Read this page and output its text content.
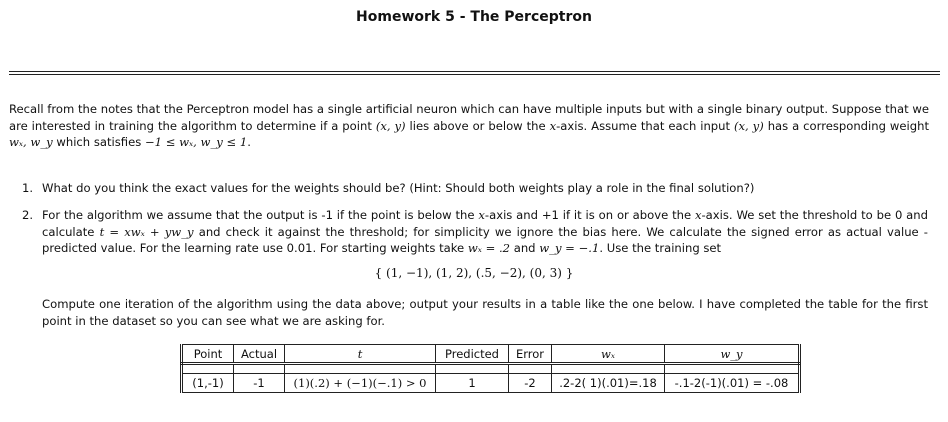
Homework 5 - The Perceptron
Recall from the notes that the Perceptron model has a single artificial neuron which can have multiple inputs but with a single binary output. Suppose that we are interested in training the algorithm to determine if a point (x, y) lies above or below the x-axis. Assume that each input (x, y) has a corresponding weight wₓ, w_y which satisfies −1 ≤ wₓ, w_y ≤ 1.
1. What do you think the exact values for the weights should be? (Hint: Should both weights play a role in the final solution?)
2. For the algorithm we assume that the output is -1 if the point is below the x-axis and +1 if it is on or above the x-axis. We set the threshold to be 0 and calculate t = xwₓ + yw_y and check it against the threshold; for simplicity we ignore the bias here. We calculate the signed error as actual value - predicted value. For the learning rate use 0.01. For starting weights take wₓ = .2 and w_y = −.1. Use the training set
{ (1, −1), (1, 2), (.5, −2), (0, 3) }
Compute one iteration of the algorithm using the data above; output your results in a table like the one below. I have completed the table for the first point in the dataset so you can see what we are asking for.
Point	Actual	t	Predicted	Error	wₓ	w_y

(1,-1)	-1	(1)(.2) + (−1)(−.1) > 0	1	-2	.2-2( 1)(.01)=.18	-.1-2(-1)(.01) = -.08
